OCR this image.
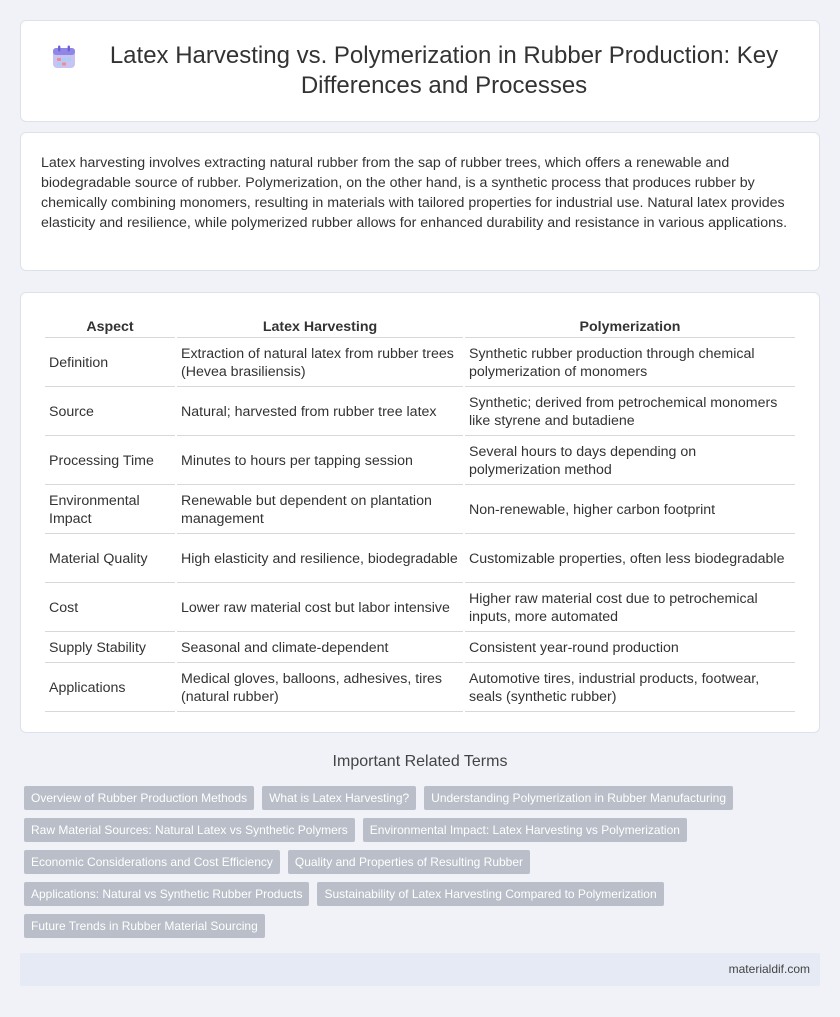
Latex Harvesting vs. Polymerization in Rubber Production: Key Differences and Processes

Latex harvesting involves extracting natural rubber from the sap of rubber trees, which offers a renewable and biodegradable source of rubber. Polymerization, on the other hand, is a synthetic process that produces rubber by chemically combining monomers, resulting in materials with tailored properties for industrial use. Natural latex provides elasticity and resilience, while polymerized rubber allows for enhanced durability and resistance in various applications.

Aspect	Latex Harvesting	Polymerization
Definition	Extraction of natural latex from rubber trees (Hevea brasiliensis)	Synthetic rubber production through chemical polymerization of monomers
Source	Natural; harvested from rubber tree latex	Synthetic; derived from petrochemical monomers like styrene and butadiene
Processing Time	Minutes to hours per tapping session	Several hours to days depending on polymerization method
Environmental Impact	Renewable but dependent on plantation management	Non-renewable, higher carbon footprint
Material Quality	High elasticity and resilience, biodegradable	Customizable properties, often less biodegradable
Cost	Lower raw material cost but labor intensive	Higher raw material cost due to petrochemical inputs, more automated
Supply Stability	Seasonal and climate-dependent	Consistent year-round production
Applications	Medical gloves, balloons, adhesives, tires (natural rubber)	Automotive tires, industrial products, footwear, seals (synthetic rubber)
Important Related Terms
Overview of Rubber Production Methods	What is Latex Harvesting?	Understanding Polymerization in Rubber Manufacturing
Raw Material Sources: Natural Latex vs Synthetic Polymers	Environmental Impact: Latex Harvesting vs Polymerization
Economic Considerations and Cost Efficiency	Quality and Properties of Resulting Rubber
Applications: Natural vs Synthetic Rubber Products	Sustainability of Latex Harvesting Compared to Polymerization
Future Trends in Rubber Material Sourcing
materialdif.com
